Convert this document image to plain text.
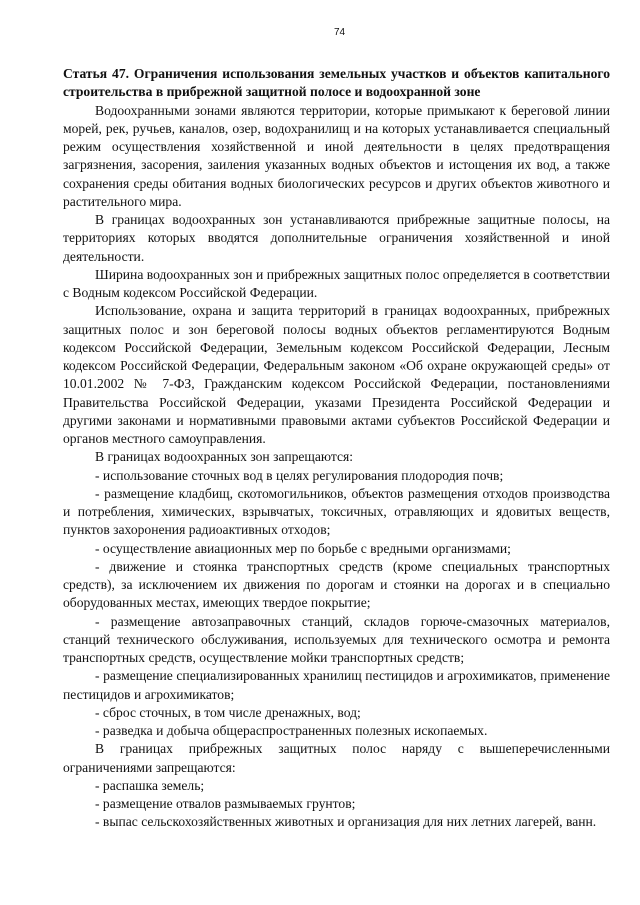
74

Статья 47. Ограничения использования земельных участков и объектов капитального строительства в прибрежной защитной полосе и водоохранной зоне

Водоохранными зонами являются территории, которые примыкают к береговой линии морей, рек, ручьев, каналов, озер, водохранилищ и на которых устанавливается специальный режим осуществления хозяйственной и иной деятельности в целях предотвращения загрязнения, засорения, заиления указанных водных объектов и истощения их вод, а также сохранения среды обитания водных биологических ресурсов и других объектов животного и растительного мира.

В границах водоохранных зон устанавливаются прибрежные защитные полосы, на территориях которых вводятся дополнительные ограничения хозяйственной и иной деятельности.

Ширина водоохранных зон и прибрежных защитных полос определяется в соответствии с Водным кодексом Российской Федерации.

Использование, охрана и защита территорий в границах водоохранных, прибрежных защитных полос и зон береговой полосы водных объектов регламентируются Водным кодексом Российской Федерации, Земельным кодексом Российской Федерации, Лесным кодексом Российской Федерации, Федеральным законом «Об охране окружающей среды» от 10.01.2002 № 7-ФЗ, Гражданским кодексом Российской Федерации, постановлениями Правительства Российской Федерации, указами Президента Российской Федерации и другими законами и нормативными правовыми актами субъектов Российской Федерации и органов местного самоуправления.

В границах водоохранных зон запрещаются:

- использование сточных вод в целях регулирования плодородия почв;

- размещение кладбищ, скотомогильников, объектов размещения отходов производства и потребления, химических, взрывчатых, токсичных, отравляющих и ядовитых веществ, пунктов захоронения радиоактивных отходов;

- осуществление авиационных мер по борьбе с вредными организмами;

- движение и стоянка транспортных средств (кроме специальных транспортных средств), за исключением их движения по дорогам и стоянки на дорогах и в специально оборудованных местах, имеющих твердое покрытие;

- размещение автозаправочных станций, складов горюче-смазочных материалов, станций технического обслуживания, используемых для технического осмотра и ремонта транспортных средств, осуществление мойки транспортных средств;

- размещение специализированных хранилищ пестицидов и агрохимикатов, применение пестицидов и агрохимикатов;

- сброс сточных, в том числе дренажных, вод;

- разведка и добыча общераспространенных полезных ископаемых.

В границах прибрежных защитных полос наряду с вышеперечисленными ограничениями запрещаются:

- распашка земель;

- размещение отвалов размываемых грунтов;

- выпас сельскохозяйственных животных и организация для них летних лагерей, ванн.
